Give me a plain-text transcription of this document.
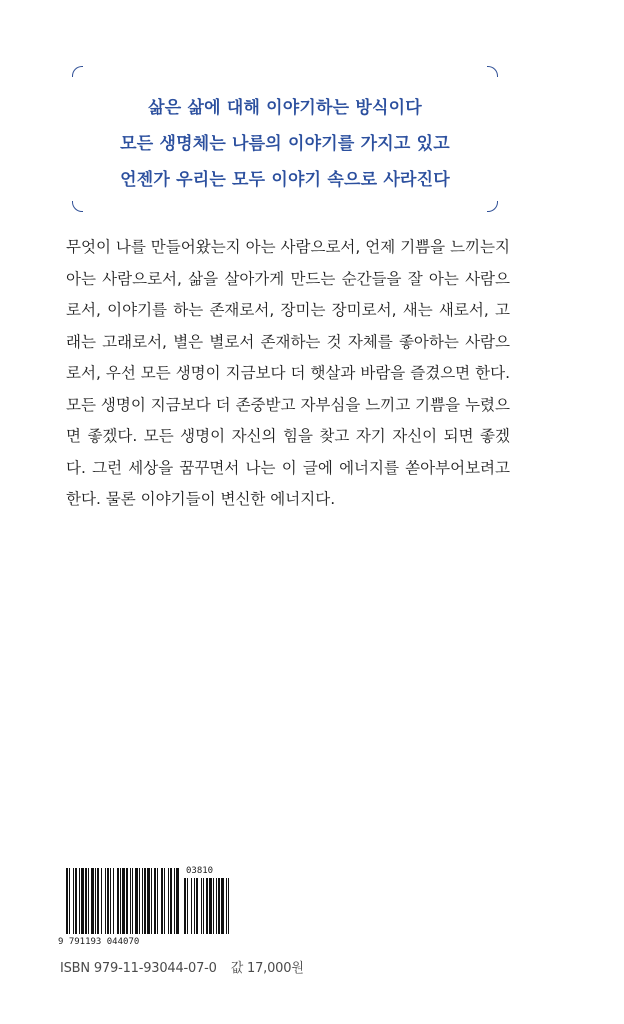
삶은 삶에 대해 이야기하는 방식이다
모든 생명체는 나름의 이야기를 가지고 있고
언젠가 우리는 모두 이야기 속으로 사라진다

무엇이 나를 만들어왔는지 아는 사람으로서, 언제 기쁨을 느끼는지 아는 사람으로서, 삶을 살아가게 만드는 순간들을 잘 아는 사람으로서, 이야기를 하는 존재로서, 장미는 장미로서, 새는 새로서, 고래는 고래로서, 별은 별로서 존재하는 것 자체를 좋아하는 사람으로서, 우선 모든 생명이 지금보다 더 햇살과 바람을 즐겼으면 한다. 모든 생명이 지금보다 더 존중받고 자부심을 느끼고 기쁨을 누렸으면 좋겠다. 모든 생명이 자신의 힘을 찾고 자기 자신이 되면 좋겠다. 그런 세상을 꿈꾸면서 나는 이 글에 에너지를 쏟아부어보려고 한다. 물론 이야기들이 변신한 에너지다.

03810
9 791193 044070
ISBN 979-11-93044-07-0 값 17,000원
